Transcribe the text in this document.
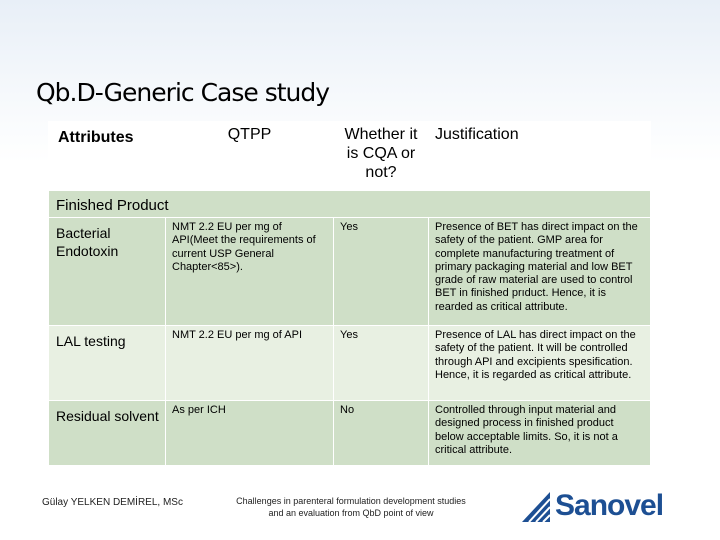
Qb.D-Generic Case study
Attributes	QTPP	Whether it is CQA or not?	Justification

Finished Product			

Bacterial Endotoxin	NMT 2.2 EU per mg of API(Meet the requirements of current USP General Chapter<85>).	Yes	Presence of BET has direct impact on the safety of the patient. GMP area for complete manufacturing treatment of primary packaging material and low BET grade of raw material are used to control BET in finished prıduct. Hence, it is rearded as critical attribute.

LAL testing	NMT 2.2 EU per mg of API	Yes	Presence of LAL has direct impact on the safety of the patient. It will be controlled through API and excipients spesification. Hence, it is regarded as critical attribute.

Residual solvent	As per ICH	No	Controlled through input material and designed process in finished product below acceptable limits. So, it is not a critical attribute.
Gülay YELKEN DEMİREL, MSc	Challenges in parenteral formulation development studies and an evaluation from QbD point of view	Sanovel
